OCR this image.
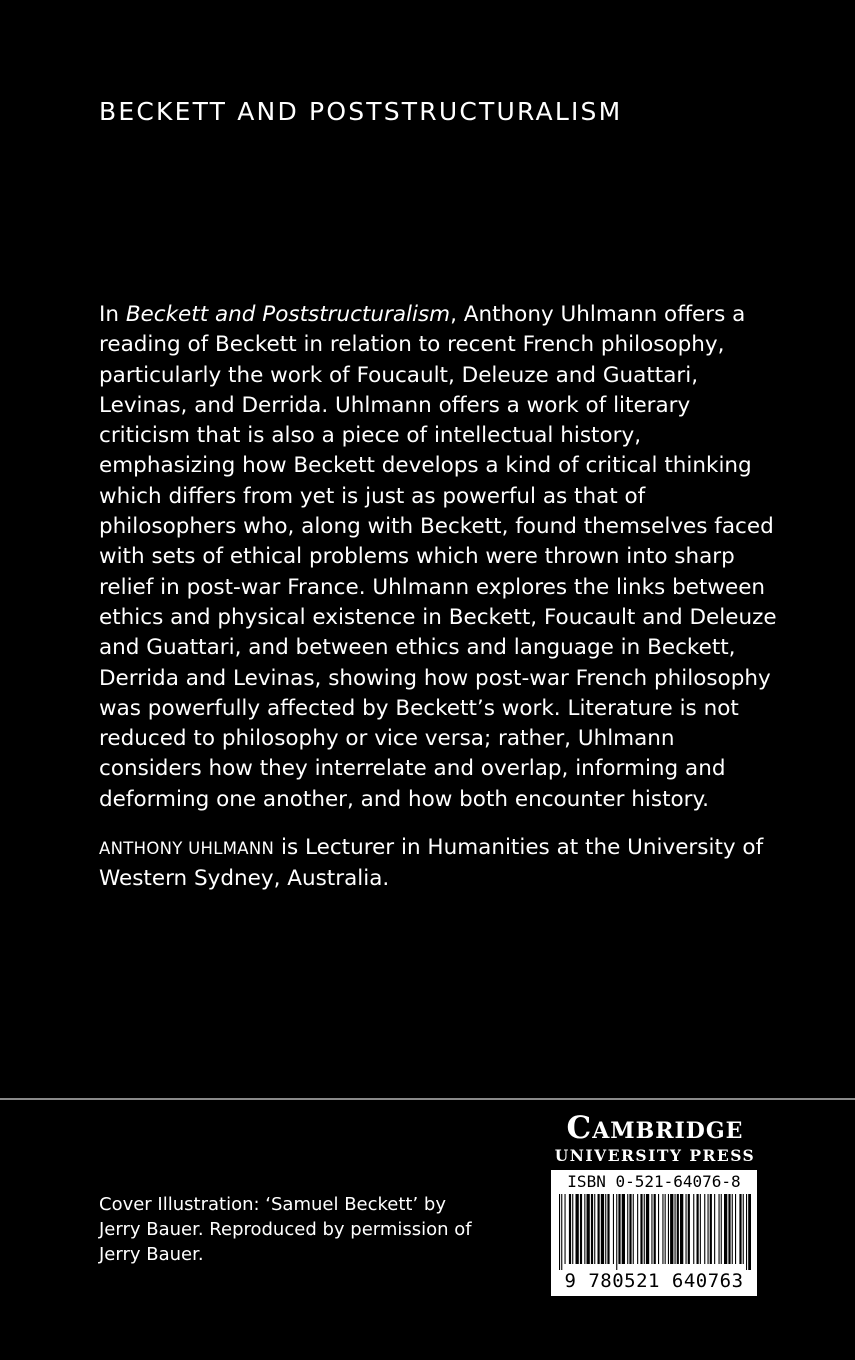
BECKETT AND POSTSTRUCTURALISM

In Beckett and Poststructuralism, Anthony Uhlmann offers a reading of Beckett in relation to recent French philosophy, particularly the work of Foucault, Deleuze and Guattari, Levinas, and Derrida. Uhlmann offers a work of literary criticism that is also a piece of intellectual history, emphasizing how Beckett develops a kind of critical thinking which differs from yet is just as powerful as that of philosophers who, along with Beckett, found themselves faced with sets of ethical problems which were thrown into sharp relief in post-war France. Uhlmann explores the links between ethics and physical existence in Beckett, Foucault and Deleuze and Guattari, and between ethics and language in Beckett, Derrida and Levinas, showing how post-war French philosophy was powerfully affected by Beckett’s work. Literature is not reduced to philosophy or vice versa; rather, Uhlmann considers how they interrelate and overlap, informing and deforming one another, and how both encounter history.

ANTHONY UHLMANN is Lecturer in Humanities at the University of Western Sydney, Australia.

Cover Illustration: ‘Samuel Beckett’ by Jerry Bauer. Reproduced by permission of Jerry Bauer.
Cambridge
UNIVERSITY PRESS
ISBN 0-521-64076-8
9 780521 640763
